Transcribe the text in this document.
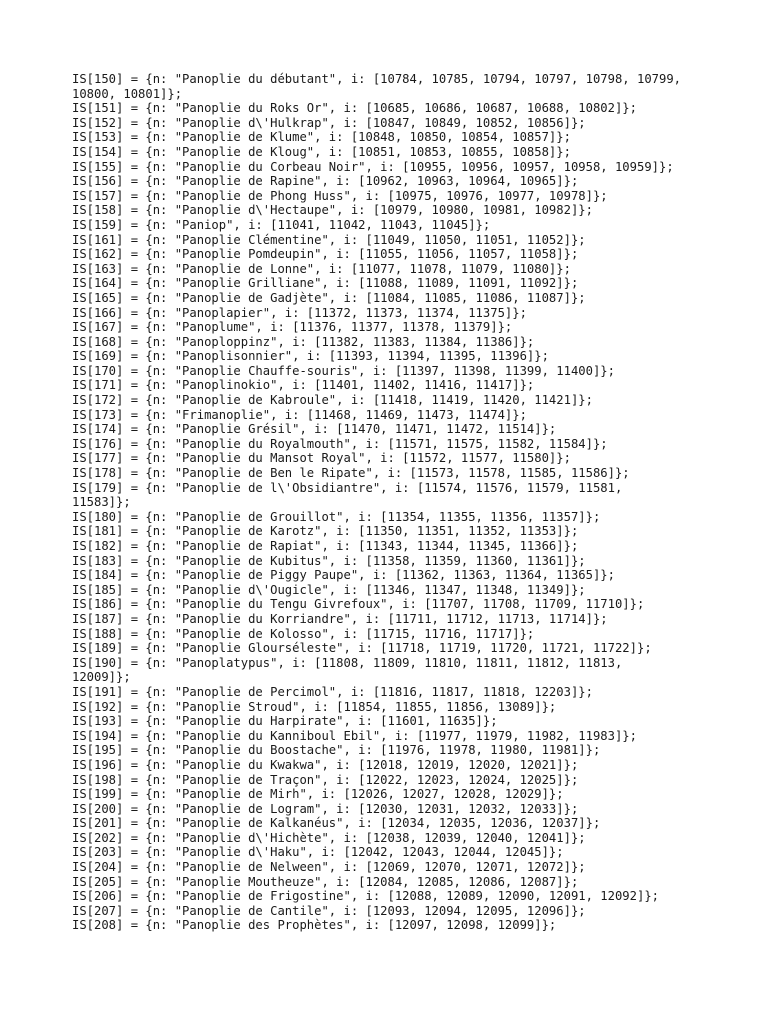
IS[150] = {n: "Panoplie du débutant", i: [10784, 10785, 10794, 10797, 10798, 10799,
10800, 10801]};
IS[151] = {n: "Panoplie du Roks Or", i: [10685, 10686, 10687, 10688, 10802]};
IS[152] = {n: "Panoplie d\'Hulkrap", i: [10847, 10849, 10852, 10856]};
IS[153] = {n: "Panoplie de Klume", i: [10848, 10850, 10854, 10857]};
IS[154] = {n: "Panoplie de Kloug", i: [10851, 10853, 10855, 10858]};
IS[155] = {n: "Panoplie du Corbeau Noir", i: [10955, 10956, 10957, 10958, 10959]};
IS[156] = {n: "Panoplie de Rapine", i: [10962, 10963, 10964, 10965]};
IS[157] = {n: "Panoplie de Phong Huss", i: [10975, 10976, 10977, 10978]};
IS[158] = {n: "Panoplie d\'Hectaupe", i: [10979, 10980, 10981, 10982]};
IS[159] = {n: "Paniop", i: [11041, 11042, 11043, 11045]};
IS[161] = {n: "Panoplie Clémentine", i: [11049, 11050, 11051, 11052]};
IS[162] = {n: "Panoplie Pomdeupin", i: [11055, 11056, 11057, 11058]};
IS[163] = {n: "Panoplie de Lonne", i: [11077, 11078, 11079, 11080]};
IS[164] = {n: "Panoplie Grilliane", i: [11088, 11089, 11091, 11092]};
IS[165] = {n: "Panoplie de Gadjète", i: [11084, 11085, 11086, 11087]};
IS[166] = {n: "Panoplapier", i: [11372, 11373, 11374, 11375]};
IS[167] = {n: "Panoplume", i: [11376, 11377, 11378, 11379]};
IS[168] = {n: "Panoploppinz", i: [11382, 11383, 11384, 11386]};
IS[169] = {n: "Panoplisonnier", i: [11393, 11394, 11395, 11396]};
IS[170] = {n: "Panoplie Chauffe-souris", i: [11397, 11398, 11399, 11400]};
IS[171] = {n: "Panoplinokio", i: [11401, 11402, 11416, 11417]};
IS[172] = {n: "Panoplie de Kabroule", i: [11418, 11419, 11420, 11421]};
IS[173] = {n: "Frimanoplie", i: [11468, 11469, 11473, 11474]};
IS[174] = {n: "Panoplie Grésil", i: [11470, 11471, 11472, 11514]};
IS[176] = {n: "Panoplie du Royalmouth", i: [11571, 11575, 11582, 11584]};
IS[177] = {n: "Panoplie du Mansot Royal", i: [11572, 11577, 11580]};
IS[178] = {n: "Panoplie de Ben le Ripate", i: [11573, 11578, 11585, 11586]};
IS[179] = {n: "Panoplie de l\'Obsidiantre", i: [11574, 11576, 11579, 11581,
11583]};
IS[180] = {n: "Panoplie de Grouillot", i: [11354, 11355, 11356, 11357]};
IS[181] = {n: "Panoplie de Karotz", i: [11350, 11351, 11352, 11353]};
IS[182] = {n: "Panoplie de Rapiat", i: [11343, 11344, 11345, 11366]};
IS[183] = {n: "Panoplie de Kubitus", i: [11358, 11359, 11360, 11361]};
IS[184] = {n: "Panoplie de Piggy Paupe", i: [11362, 11363, 11364, 11365]};
IS[185] = {n: "Panoplie d\'Ougicle", i: [11346, 11347, 11348, 11349]};
IS[186] = {n: "Panoplie du Tengu Givrefoux", i: [11707, 11708, 11709, 11710]};
IS[187] = {n: "Panoplie du Korriandre", i: [11711, 11712, 11713, 11714]};
IS[188] = {n: "Panoplie de Kolosso", i: [11715, 11716, 11717]};
IS[189] = {n: "Panoplie Glourséleste", i: [11718, 11719, 11720, 11721, 11722]};
IS[190] = {n: "Panoplatypus", i: [11808, 11809, 11810, 11811, 11812, 11813,
12009]};
IS[191] = {n: "Panoplie de Percimol", i: [11816, 11817, 11818, 12203]};
IS[192] = {n: "Panoplie Stroud", i: [11854, 11855, 11856, 13089]};
IS[193] = {n: "Panoplie du Harpirate", i: [11601, 11635]};
IS[194] = {n: "Panoplie du Kanniboul Ebil", i: [11977, 11979, 11982, 11983]};
IS[195] = {n: "Panoplie du Boostache", i: [11976, 11978, 11980, 11981]};
IS[196] = {n: "Panoplie du Kwakwa", i: [12018, 12019, 12020, 12021]};
IS[198] = {n: "Panoplie de Traçon", i: [12022, 12023, 12024, 12025]};
IS[199] = {n: "Panoplie de Mirh", i: [12026, 12027, 12028, 12029]};
IS[200] = {n: "Panoplie de Logram", i: [12030, 12031, 12032, 12033]};
IS[201] = {n: "Panoplie de Kalkanéus", i: [12034, 12035, 12036, 12037]};
IS[202] = {n: "Panoplie d\'Hichète", i: [12038, 12039, 12040, 12041]};
IS[203] = {n: "Panoplie d\'Haku", i: [12042, 12043, 12044, 12045]};
IS[204] = {n: "Panoplie de Nelween", i: [12069, 12070, 12071, 12072]};
IS[205] = {n: "Panoplie Moutheuze", i: [12084, 12085, 12086, 12087]};
IS[206] = {n: "Panoplie de Frigostine", i: [12088, 12089, 12090, 12091, 12092]};
IS[207] = {n: "Panoplie de Cantile", i: [12093, 12094, 12095, 12096]};
IS[208] = {n: "Panoplie des Prophètes", i: [12097, 12098, 12099]};
